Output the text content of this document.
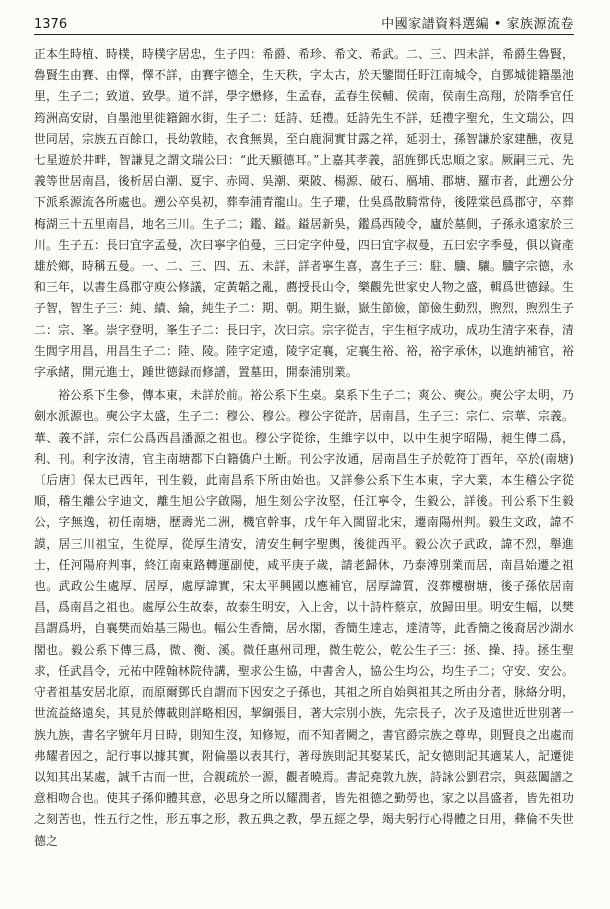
1376	中國家譜資料選編 • 家族源流卷

正本生時植、時樸，時樸字居忠，生子四：希爵、希珍、希文、希武。二、三、四未詳，希爵生魯賢，魯賢生由賽、由懌，懌不詳，由賽字德全，生天秩，字太古，於天鑒間任盱江南城令，自鄧城徙籍墨池里，生子二；致道、致學。道不詳，學字懋修，生孟春，孟春生侯輔、侯南，侯南生高翔，於隋季官任筠洲高安尉，自墨池里徙籍錦水街，生子二：廷詩、廷禮。廷詩先生不詳，廷禮字聖允，生文瑞公，四世同居，宗族五百餘口，長幼敦睦，衣食無異，至白鹿洞實甘露之祥，延羽士，孫智謙於家建醮，夜見七星遊於井畔，智謙見之謂文瑞公曰：“此天顯德耳。”上嘉其孝義，詔旌鄧氏忠順之家。厥嗣三元、先義等世居南昌，後析居白潮、夏宇、赤岡、吳潮、栗陂、楊源、破石、鴈埔、郡塘、羅市者，此遡公分下派系源流各所處也。遡公卒吳初，葬奉浦青龍山。生子瓘，仕吳爲散騎常侍，後陞棠邑爲郡守，卒葬梅湖三十五里南昌，地名三川。生子二；鑑、鎰。鎰居新吳，鑑爲西陵令，廬於墓側，子孫永遠家於三川。生子五：長曰宜字孟曼，次曰寧字伯曼，三曰定字仲曼，四曰宜字叔曼，五曰宏字季曼，俱以資產雄於鄉，時稱五曼。一、二、三、四、五、未詳，詳者寧生喜，喜生子三：駐、驥、驤。驥字宗德，永和三年，以書生爲郡守庾公修議，定黃韜之亂，薦授長山令，樂觀先世家史人物之盛，輯爲世德録。生子智，智生子三：純、績、綸，純生子二：期、朝。期生嶽，嶽生節儉，節儉生動烈，煦烈，煦烈生子二：宗、峯。崇字登明，峯生子二：長曰宇，次曰宗。宗字從吉，宇生桓字成功，成功生清字來春，清生閭字用昌，用昌生子二：陸、陵。陸字定遠，陵字定襄，定襄生裕、裕，裕字承休，以進納補官，裕字承緒，開元進士，踵世德録而修譜，置墓田，開泰浦別業。

裕公系下生參，傳本東，未詳於前。裕公系下生桌。臬系下生子二；爽公、奭公。奭公字太明，乃劍水派源也。奭公字太盛，生子二：穆公、穆公。穆公字從許，居南昌，生子三：宗仁、宗華、宗義。華、義不詳，宗仁公爲西昌潘源之祖也。穆公字從徐，生維字以中，以中生昶字昭陽，昶生傳二爲，利、刊。利字汝清，官主南塘都下白籍僑户土断。刊公字汝通，居南昌生子於乾符丁酉年，卒於(南塘)〔后唐〕保太已西年，刊生毅，此南昌系下所由始也。又詳參公系下生本東，字大業，本生稽公字從順，稽生離公字迪文，離生旭公字啟陽，旭生刻公字汝堅，任江寧令，生毅公，詳後。刊公系下生毅公，字無逸，初任南塘，歷壽光二洲，機官幹事，戊午年入閩留北宋，遷南陽州判。毅生文政，諱不謨，居三川祖宝，生從厚，從厚生清安，清安生軻字聖輿，後徙西平。毅公次子武政，諱不烈，舉進士，任河陽府判事，終江南東路轉運副使，咸平庚子歲，請老歸休，乃泰溥別業而居，南昌始遷之祖也。武政公生處厚、居厚，處厚諱實，宋太平興國以應補官，居厚諱質，沒葬樓樹塘，後子孫依居南昌，爲南昌之祖也。處厚公生故泰，故泰生明安，入上舍，以十詩杵蔡京，放歸田里。明安生幅，以樊昌謂爲坍，自襄樊而始基三陽也。幅公生香簡，居水閣，香簡生達志，達清等，此香簡之後裔居沙湖水閣也。毅公系下傳三爲，微、衡、溪。微任惠州司理，微生乾公，乾公生子三：拯、操、持。拯生聖求，任武昌令，元祐中陞翰林院侍講，聖求公生協，中書舍人，協公生均公，均生子二；守安、安公。守者祖基安居北原，而原爾鄧氏自謂而下因安之子孫也，其祖之所自始與祖其之所由分者，脉絡分明，世流益絡遠矣，其見於傳載則詳略相因，挈綱張目，著大宗別小族，先宗長子，次子及遠世近世別著一族九族，書名字號年月日時，則知生沒，知修短，而不知者闕之，書官爵宗族之尊卑，則賢良之出處而弗耀者因之，記行事以據其實，附倫墨以表其行，著母族則記其娶某氏，記女德則記其適某人，記遷徙以知其出某處，誠千古而一世，合親疏於一源，觀者曉焉。書記堯敦九族，詩詠公劉君宗，與茲闔譜之意相吻合也。使其子孫仰體其意，必思身之所以耀潤者，皆先祖德之勤勞也，家之以昌盛者，皆先祖功之刻苦也，性五行之性，形五事之形，教五典之教，學五經之學，竭夫躬行心得體之日用，彝倫不失世德之
